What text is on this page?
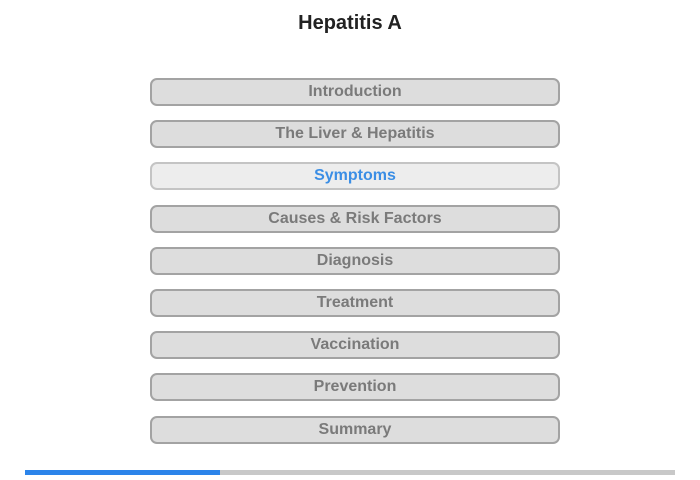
Hepatitis A
Introduction
The Liver & Hepatitis
Symptoms
Causes & Risk Factors
Diagnosis
Treatment
Vaccination
Prevention
Summary
